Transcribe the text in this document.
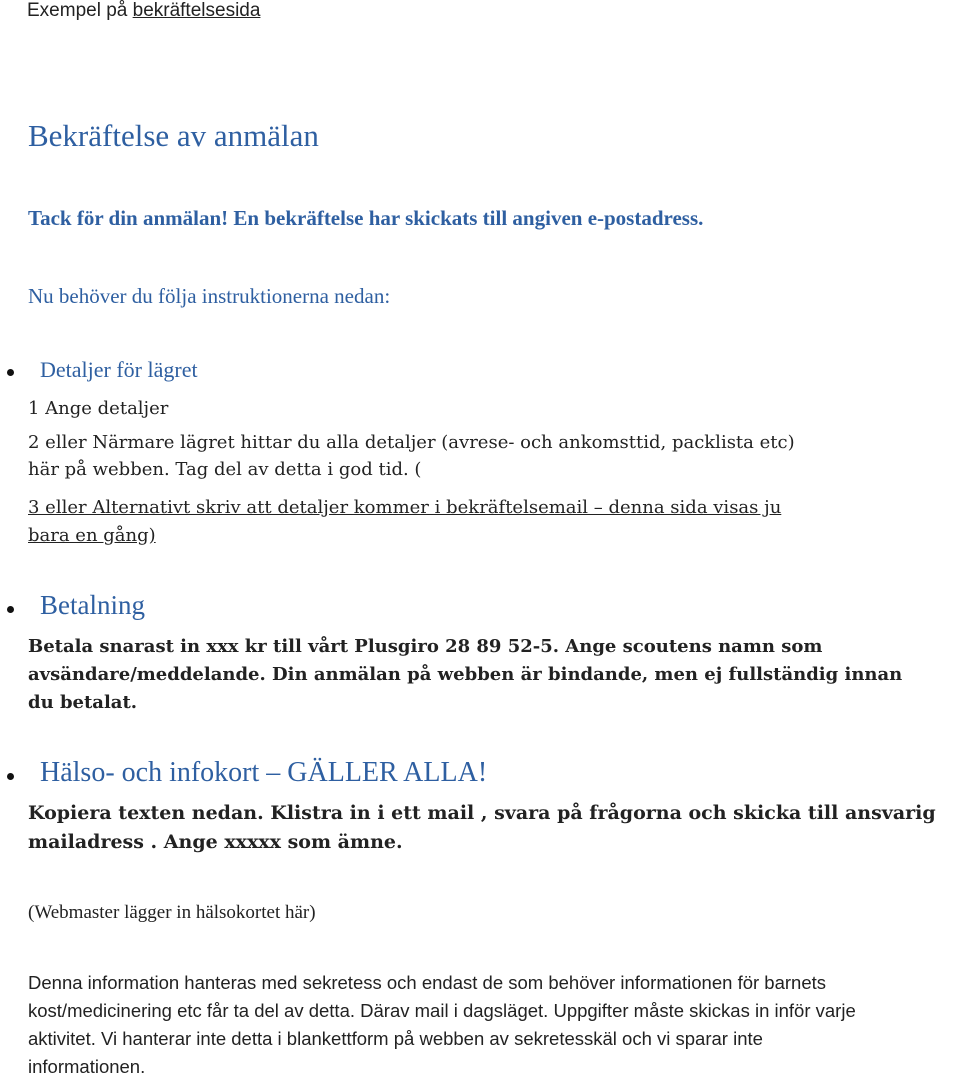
Exempel på bekräftelsesida
Bekräftelse av anmälan
Tack för din anmälan! En bekräftelse har skickats till angiven e-postadress.
Nu behöver du följa instruktionerna nedan:
Detaljer för lägret
1 Ange detaljer
2 eller Närmare lägret hittar du alla detaljer (avrese- och ankomsttid, packlista etc)
här på webben. Tag del av detta i god tid. (
3 eller Alternativt skriv att detaljer kommer i bekräftelsemail – denna sida visas ju
bara en gång)
Betalning
Betala snarast in xxx kr till vårt Plusgiro 28 89 52-5. Ange scoutens namn som
avsändare/meddelande. Din anmälan på webben är bindande, men ej fullständig innan
du betalat.
Hälso- och infokort – GÄLLER ALLA!
Kopiera texten nedan. Klistra in i ett mail , svara på frågorna och skicka till ansvarig
mailadress . Ange xxxxx som ämne.
(Webmaster lägger in hälsokortet här)
Denna information hanteras med sekretess och endast de som behöver informationen för barnets
kost/medicinering etc får ta del av detta. Därav mail i dagsläget. Uppgifter måste skickas in inför varje
aktivitet. Vi hanterar inte detta i blankettform på webben av sekretesskäl och vi sparar inte
informationen.
